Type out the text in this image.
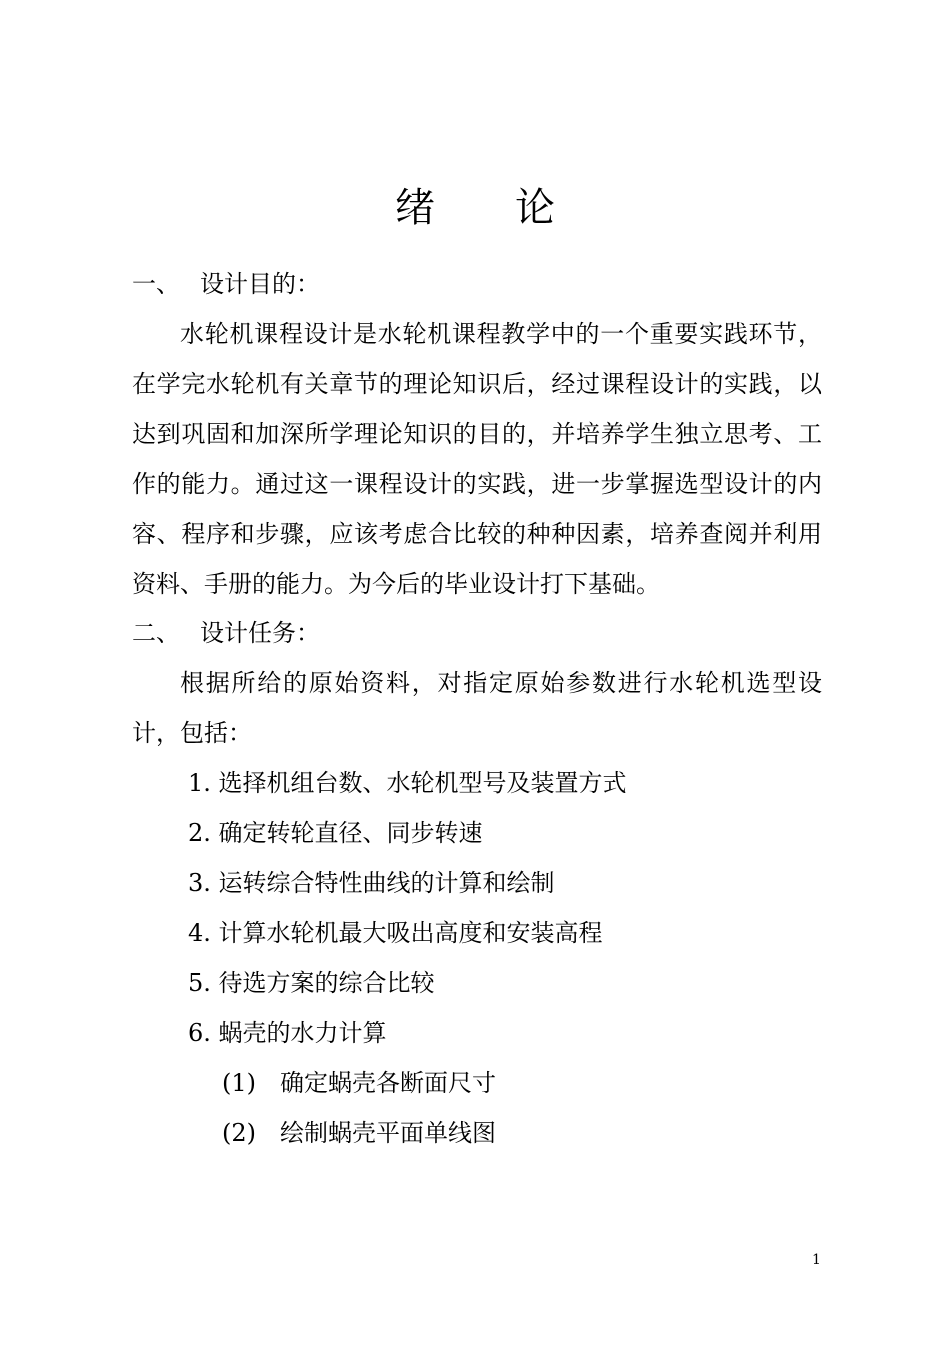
绪 论
一、 设计目的：
水轮机课程设计是水轮机课程教学中的一个重要实践环节，在学完水轮机有关章节的理论知识后，经过课程设计的实践，以达到巩固和加深所学理论知识的目的，并培养学生独立思考、工作的能力。通过这一课程设计的实践，进一步掌握选型设计的内容、程序和步骤，应该考虑合比较的种种因素，培养查阅并利用资料、手册的能力。为今后的毕业设计打下基础。
二、 设计任务：
根据所给的原始资料，对指定原始参数进行水轮机选型设计，包括：
1. 选择机组台数、水轮机型号及装置方式
2. 确定转轮直径、同步转速
3. 运转综合特性曲线的计算和绘制
4. 计算水轮机最大吸出高度和安装高程
5. 待选方案的综合比较
6. 蜗壳的水力计算
(1) 确定蜗壳各断面尺寸
(2) 绘制蜗壳平面单线图
1
